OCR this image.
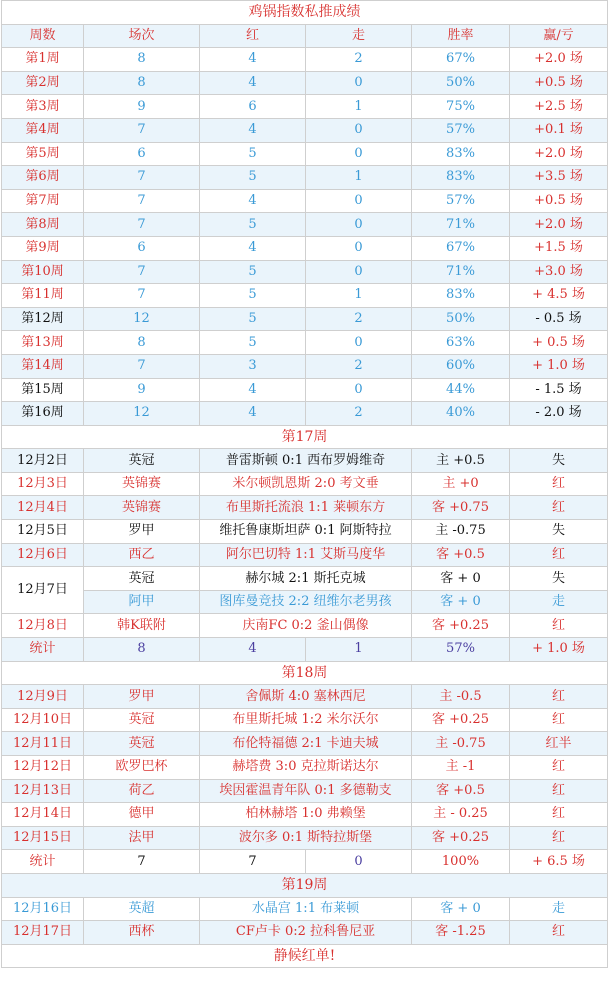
鸡锅指数私推成绩					
周数	场次	红	走	胜率	赢/亏
第1周	8	4	2	67%	+2.0 场
第2周	8	4	0	50%	+0.5 场
第3周	9	6	1	75%	+2.5 场
第4周	7	4	0	57%	+0.1 场
第5周	6	5	0	83%	+2.0 场
第6周	7	5	1	83%	+3.5 场
第7周	7	4	0	57%	+0.5 场
第8周	7	5	0	71%	+2.0 场
第9周	6	4	0	67%	+1.5 场
第10周	7	5	0	71%	+3.0 场
第11周	7	5	1	83%	+ 4.5 场
第12周	12	5	2	50%	- 0.5 场
第13周	8	5	0	63%	+ 0.5 场
第14周	7	3	2	60%	+ 1.0 场
第15周	9	4	0	44%	- 1.5 场
第16周	12	4	2	40%	- 2.0 场
第17周					
12月2日	英冠	普雷斯顿 0:1 西布罗姆维奇		主 +0.5	失
12月3日	英锦赛	米尔顿凯恩斯 2:0 考文垂		主 +0	红
12月4日	英锦赛	布里斯托流浪 1:1 莱顿东方		客 +0.75	红
12月5日	罗甲	维托鲁康斯坦萨 0:1 阿斯特拉		主 -0.75	失
12月6日	西乙	阿尔巴切特 1:1 艾斯马度华		客 +0.5	红
12月7日	英冠	赫尔城 2:1 斯托克城		客 + 0	失
	阿甲	图库曼竞技 2:2 纽维尔老男孩		客 + 0	走
12月8日	韩K联附	庆南FC 0:2 釜山偶像		客 +0.25	红
统计	8	4	1	57%	+ 1.0 场
第18周					
12月9日	罗甲	舍佩斯 4:0 塞林西尼		主 -0.5	红
12月10日	英冠	布里斯托城 1:2 米尔沃尔		客 +0.25	红
12月11日	英冠	布伦特福德 2:1 卡迪夫城		主 -0.75	红半
12月12日	欧罗巴杯	赫塔费 3:0 克拉斯诺达尔		主 -1	红
12月13日	荷乙	埃因霍温青年队 0:1 多德勒支		客 +0.5	红
12月14日	德甲	柏林赫塔 1:0 弗赖堡		主 - 0.25	红
12月15日	法甲	波尔多 0:1 斯特拉斯堡		客 +0.25	红
统计	7	7	0	100%	+ 6.5 场
第19周					
12月16日	英超	水晶宫 1:1 布莱顿		客 + 0	走
12月17日	西杯	CF卢卡 0:2 拉科鲁尼亚		客 -1.25	红
静候红单!					
